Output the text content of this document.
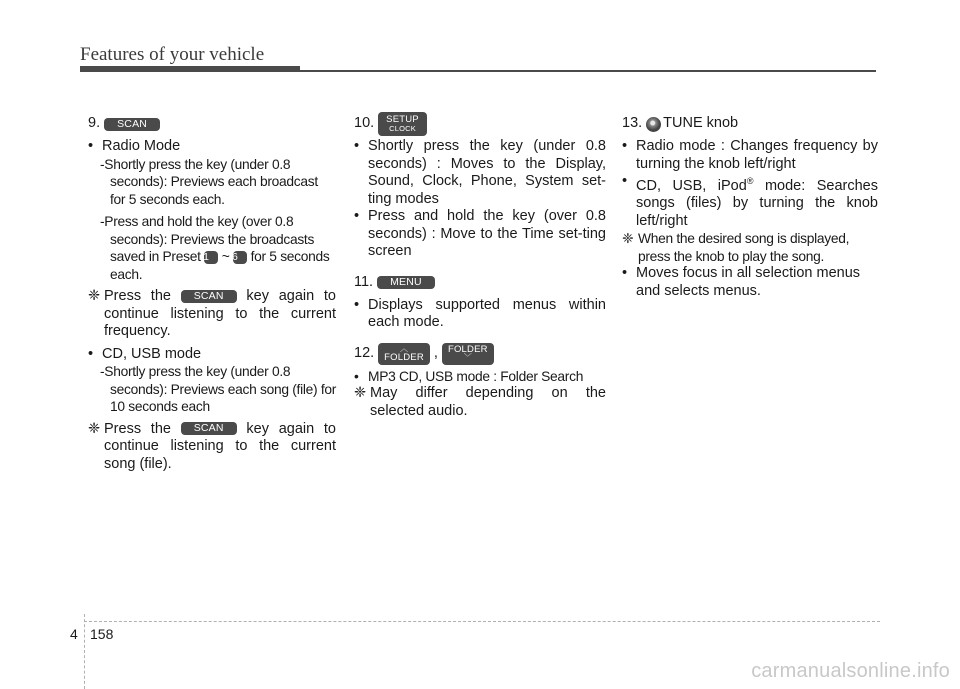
Features of your vehicle
9.	SCAN
• Radio Mode
-Shortly press the key (under 0.8 seconds): Previews each broadcast for 5 seconds each.
-Press and hold the key (over 0.8 seconds): Previews the broadcasts saved in Preset 1 ~ 6 for 5 seconds each.
❈ Press the SCAN key again to continue listening to the current frequency.
• CD, USB mode
-Shortly press the key (under 0.8 seconds): Previews each song (file) for 10 seconds each
❈ Press the SCAN key again to continue listening to the current song (file).
10. SETUP
CLOCK
• Shortly press the key (under 0.8 seconds) : Moves to the Display, Sound, Clock, Phone, System set-ting modes
• Press and hold the key (over 0.8 seconds) : Move to the Time set-ting screen
11.	MENU
• Displays supported menus within each mode.
12.	︿
FOLDER , FOLDER
﹀
• MP3 CD, USB mode : Folder Search
❈ May differ depending on the selected audio.
13. TUNE knob
• Radio mode : Changes frequency by turning the knob left/right
• CD, USB, iPod® mode: Searches songs (files) by turning the knob left/right
❈ When the desired song is displayed, press the knob to play the song.
• Moves focus in all selection menus and selects menus.
4 158
carmanualsonline.info
